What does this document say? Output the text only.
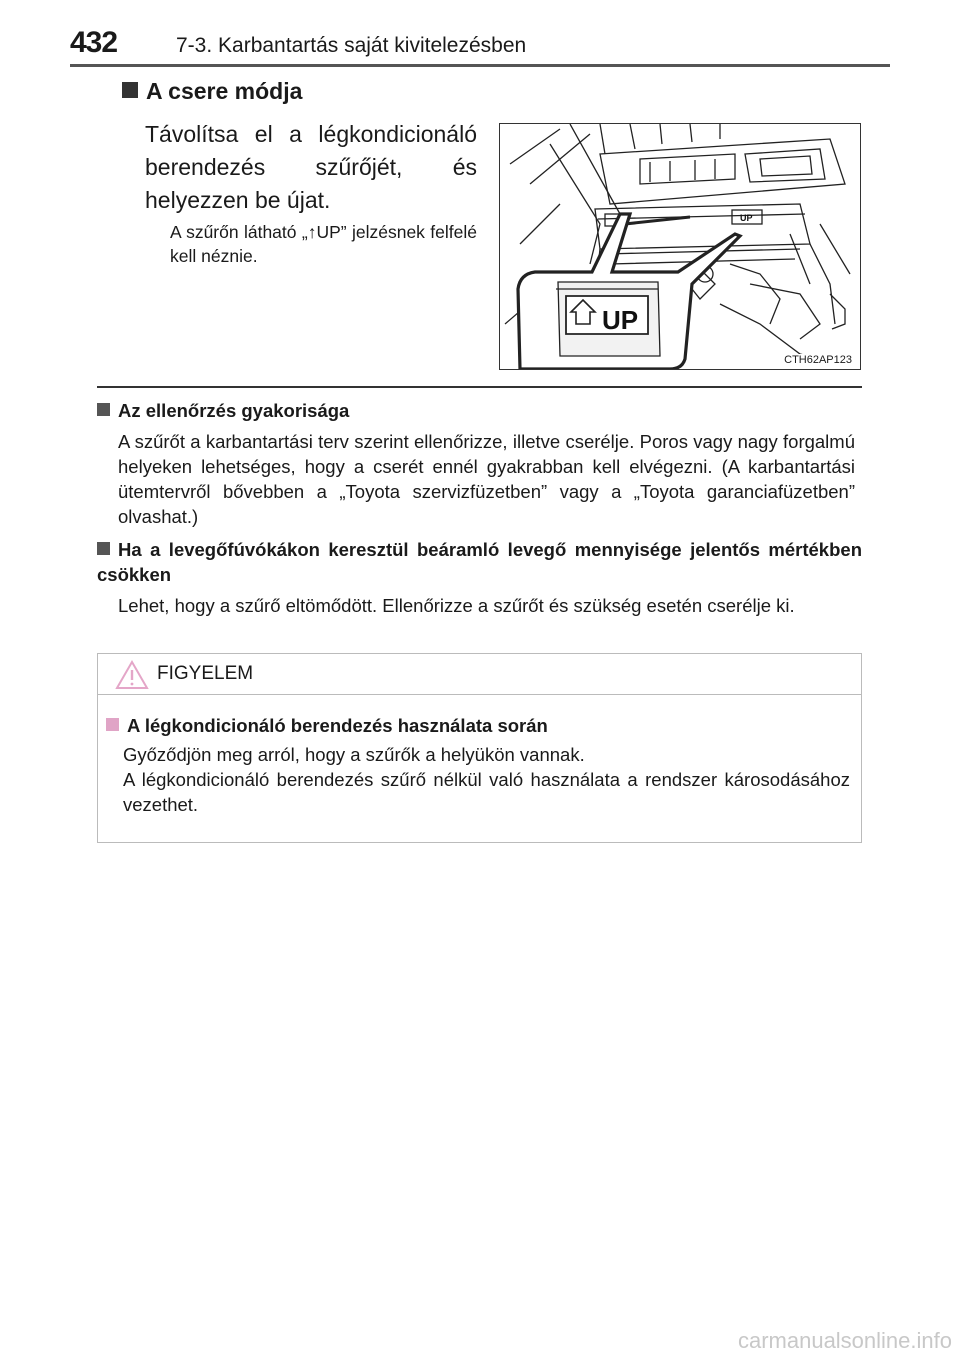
432	7-3. Karbantartás saját kivitelezésben
A csere módja
Távolítsa el a légkondicionáló berendezés szűrőjét, és helyezzen be újat.
A szűrőn látható „↑UP” jelzésnek felfelé kell néznie.
UP
UP
CTH62AP123
Az ellenőrzés gyakorisága
A szűrőt a karbantartási terv szerint ellenőrizze, illetve cserélje. Poros vagy nagy forgalmú helyeken lehetséges, hogy a cserét ennél gyakrabban kell elvégezni. (A karbantartási ütemtervről bővebben a „Toyota szervizfüzetben” vagy a „Toyota garanciafüzetben” olvashat.)
Ha a levegőfúvókákon keresztül beáramló levegő mennyisége jelentős mértékben csökken
Lehet, hogy a szűrő eltömődött. Ellenőrizze a szűrőt és szükség esetén cserélje ki.
FIGYELEM
A légkondicionáló berendezés használata során
Győződjön meg arról, hogy a szűrők a helyükön vannak.
A légkondicionáló berendezés szűrő nélkül való használata a rendszer károsodásához vezethet.
carmanualsonline.info
